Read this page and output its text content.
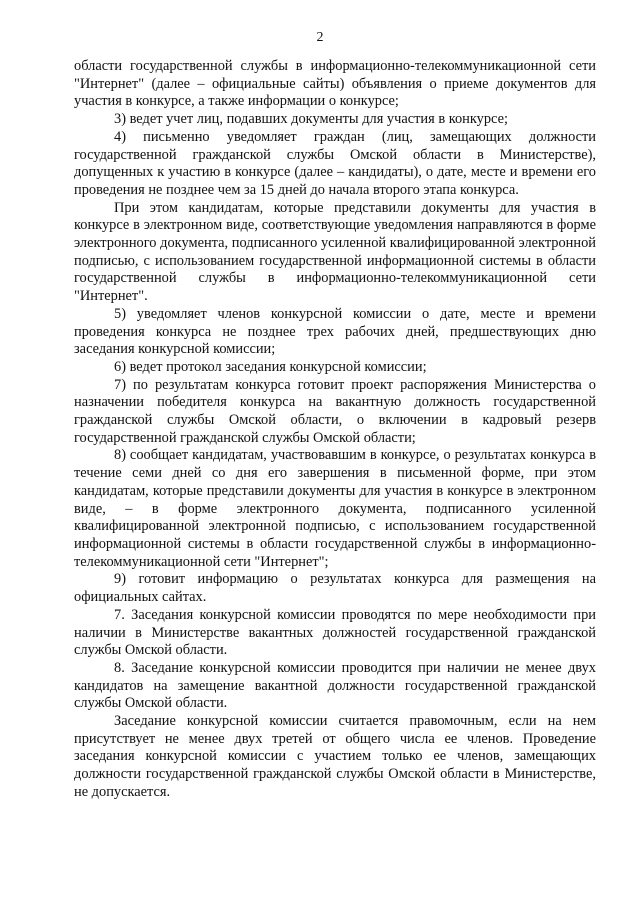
2

области государственной службы в информационно-телекоммуникационной сети "Интернет" (далее – официальные сайты) объявления о приеме документов для участия в конкурсе, а также информации о конкурсе;

3) ведет учет лиц, подавших документы для участия в конкурсе;

4) письменно уведомляет граждан (лиц, замещающих должности государственной гражданской службы Омской области в Министерстве), допущенных к участию в конкурсе (далее – кандидаты), о дате, месте и времени его проведения не позднее чем за 15 дней до начала второго этапа конкурса.

При этом кандидатам, которые представили документы для участия в конкурсе в электронном виде, соответствующие уведомления направляются в форме электронного документа, подписанного усиленной квалифицированной электронной подписью, с использованием государственной информационной системы в области государственной службы в информационно-телекоммуникационной сети "Интернет".

5) уведомляет членов конкурсной комиссии о дате, месте и времени проведения конкурса не позднее трех рабочих дней, предшествующих дню заседания конкурсной комиссии;

6) ведет протокол заседания конкурсной комиссии;

7) по результатам конкурса готовит проект распоряжения Министерства о назначении победителя конкурса на вакантную должность государственной гражданской службы Омской области, о включении в кадровый резерв государственной гражданской службы Омской области;

8) сообщает кандидатам, участвовавшим в конкурсе, о результатах конкурса в течение семи дней со дня его завершения в письменной форме, при этом кандидатам, которые представили документы для участия в конкурсе в электронном виде, – в форме электронного документа, подписанного усиленной квалифицированной электронной подписью, с использованием государственной информационной системы в области государственной службы в информационно-телекоммуникационной сети "Интернет";

9) готовит информацию о результатах конкурса для размещения на официальных сайтах.

7. Заседания конкурсной комиссии проводятся по мере необходимости при наличии в Министерстве вакантных должностей государственной гражданской службы Омской области.

8. Заседание конкурсной комиссии проводится при наличии не менее двух кандидатов на замещение вакантной должности государственной гражданской службы Омской области.

Заседание конкурсной комиссии считается правомочным, если на нем присутствует не менее двух третей от общего числа ее членов. Проведение заседания конкурсной комиссии с участием только ее членов, замещающих должности государственной гражданской службы Омской области в Министерстве, не допускается.
